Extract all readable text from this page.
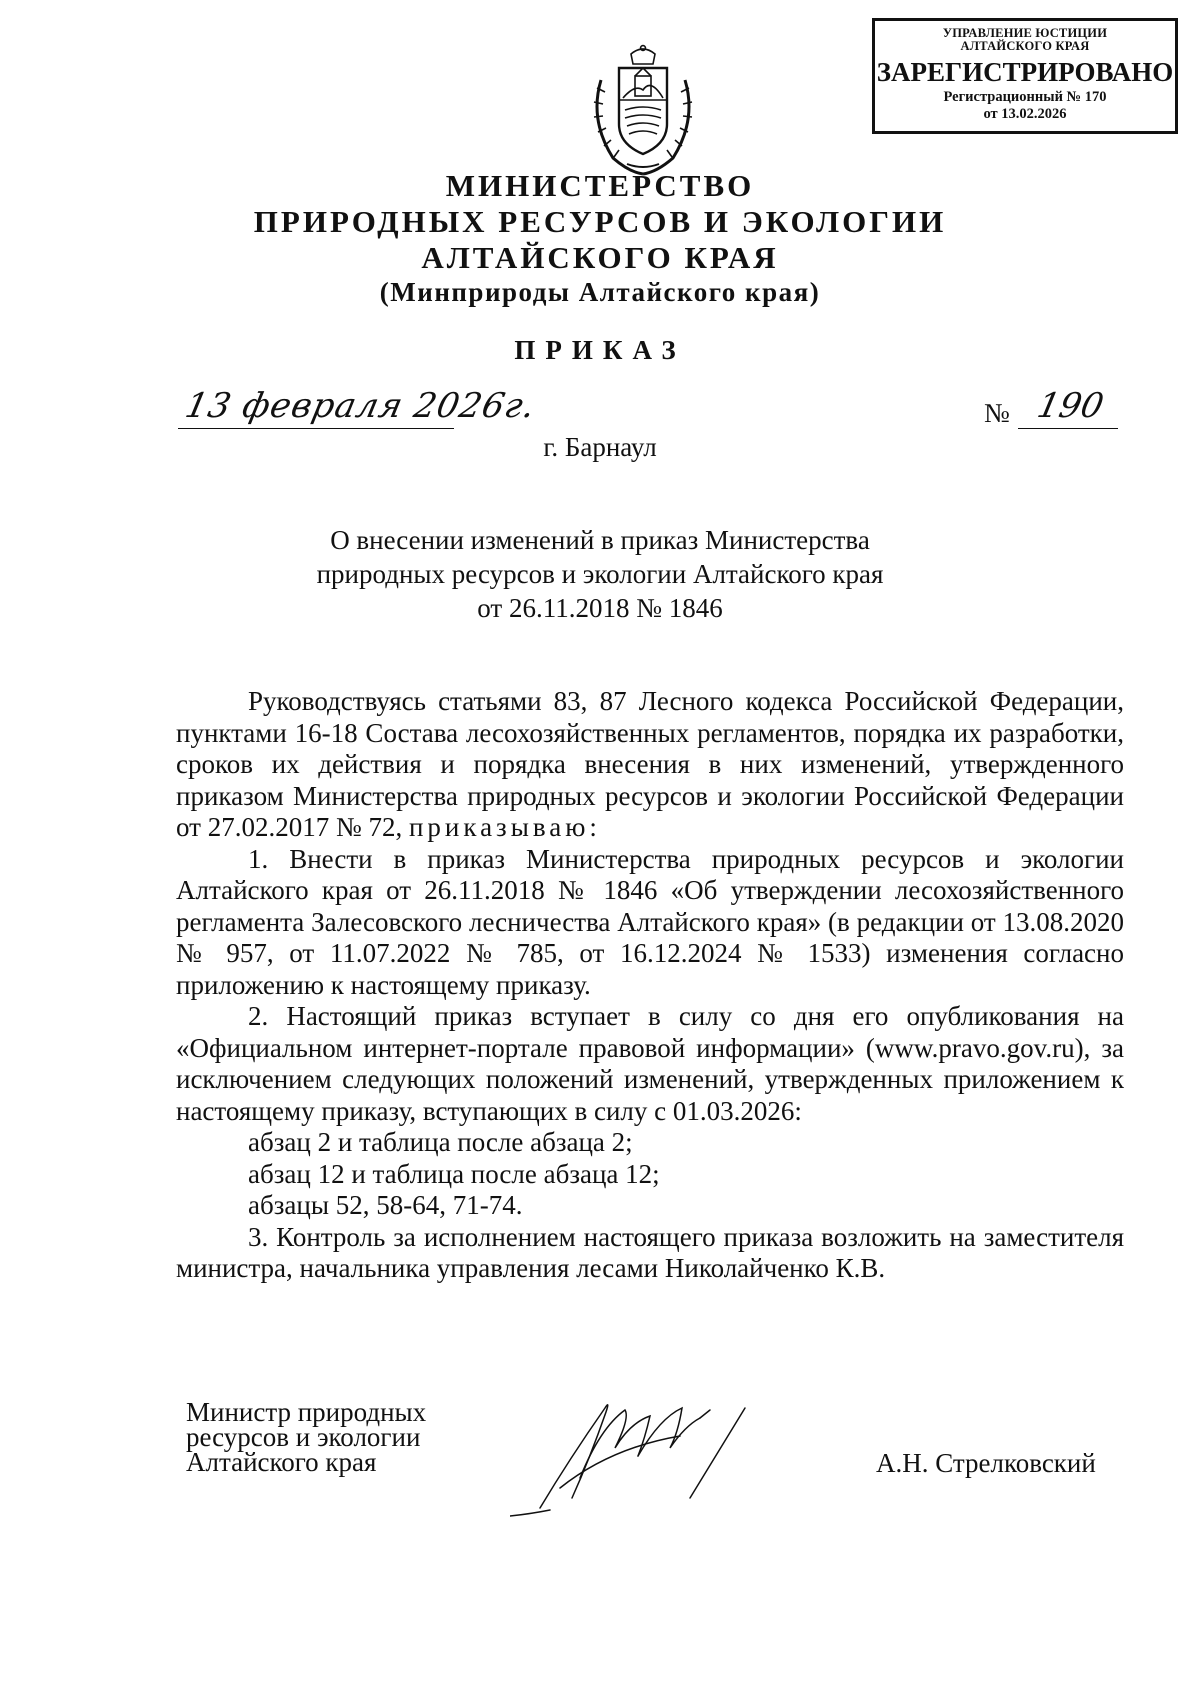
УПРАВЛЕНИЕ ЮСТИЦИИ
АЛТАЙСКОГО КРАЯ
ЗАРЕГИСТРИРОВАНО
Регистрационный № 170
от 13.02.2026
МИНИСТЕРСТВО
ПРИРОДНЫХ РЕСУРСОВ И ЭКОЛОГИИ
АЛТАЙСКОГО КРАЯ
(Минприроды Алтайского края)
ПРИКАЗ
13 февраля 2026г.	№ 190
г. Барнаул
О внесении изменений в приказ Министерства
природных ресурсов и экологии Алтайского края
от 26.11.2018 № 1846

Руководствуясь статьями 83, 87 Лесного кодекса Российской Федерации, пунктами 16-18 Состава лесохозяйственных регламентов, порядка их разработки, сроков их действия и порядка внесения в них изменений, утвержденного приказом Министерства природных ресурсов и экологии Российской Федерации от 27.02.2017 № 72, приказываю:

1. Внести в приказ Министерства природных ресурсов и экологии Алтайского края от 26.11.2018 № 1846 «Об утверждении лесохозяйственного регламента Залесовского лесничества Алтайского края» (в редакции от 13.08.2020 № 957, от 11.07.2022 № 785, от 16.12.2024 № 1533) изменения согласно приложению к настоящему приказу.

2. Настоящий приказ вступает в силу со дня его опубликования на «Официальном интернет-портале правовой информации» (www.pravo.gov.ru), за исключением следующих положений изменений, утвержденных приложением к настоящему приказу, вступающих в силу с 01.03.2026:

абзац 2 и таблица после абзаца 2;

абзац 12 и таблица после абзаца 12;

абзацы 52, 58-64, 71-74.

3. Контроль за исполнением настоящего приказа возложить на заместителя министра, начальника управления лесами Николайченко К.В.

Министр природных
ресурсов и экологии
Алтайского края	А.Н. Стрелковский
